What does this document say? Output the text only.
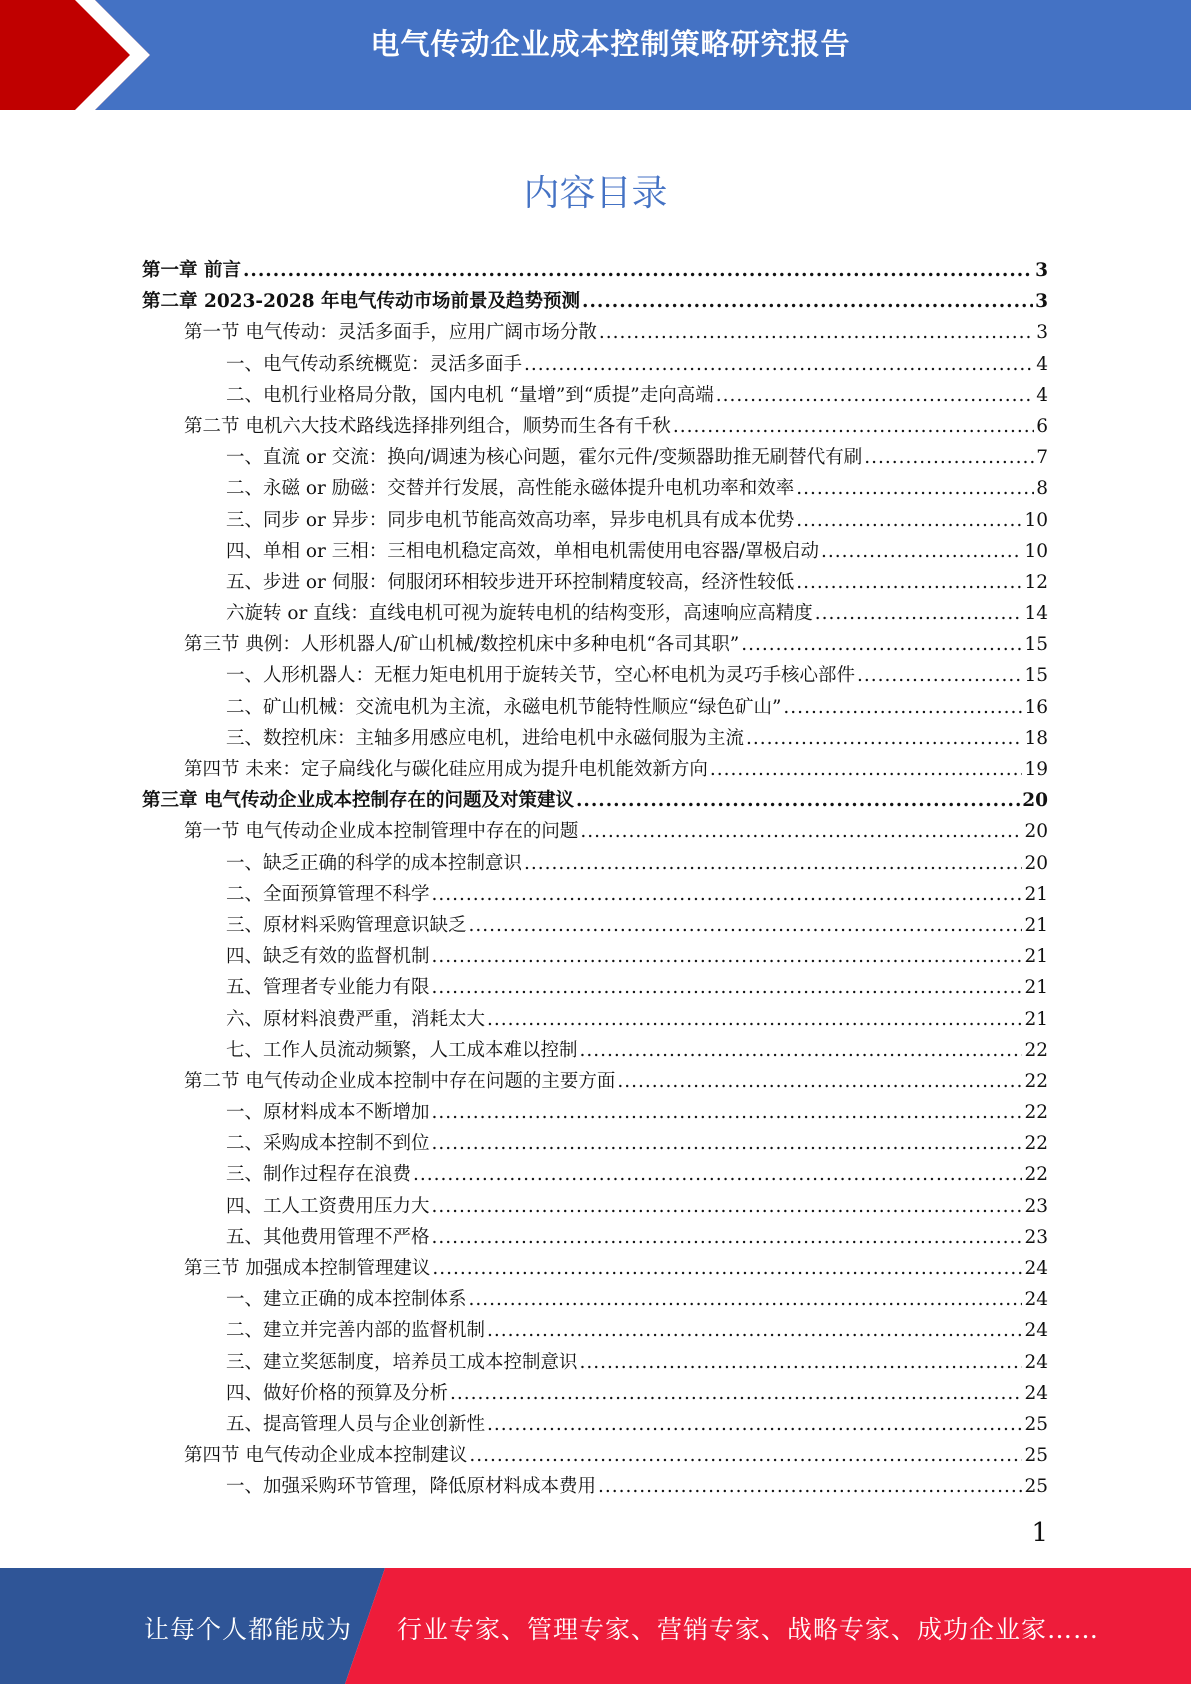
电气传动企业成本控制策略研究报告
内容目录
第一章 前言 .....	3
第二章 2023-2028 年电气传动市场前景及趋势预测 .....	3
第一节 电气传动：灵活多面手，应用广阔市场分散 .....	3
一、电气传动系统概览：灵活多面手 .....	4
二、电机行业格局分散，国内电机 “量增”到“质提”走向高端 .....	4
第二节 电机六大技术路线选择排列组合，顺势而生各有千秋 .....	6
一、直流 or 交流：换向/调速为核心问题，霍尔元件/变频器助推无刷替代有刷 .....	7
二、永磁 or 励磁：交替并行发展，高性能永磁体提升电机功率和效率 .....	8
三、同步 or 异步：同步电机节能高效高功率，异步电机具有成本优势 .....	10
四、单相 or 三相：三相电机稳定高效，单相电机需使用电容器/罩极启动 .....	10
五、步进 or 伺服：伺服闭环相较步进开环控制精度较高，经济性较低 .....	12
六旋转 or 直线：直线电机可视为旋转电机的结构变形，高速响应高精度 .....	14
第三节 典例：人形机器人/矿山机械/数控机床中多种电机“各司其职” .....	15
一、人形机器人：无框力矩电机用于旋转关节，空心杯电机为灵巧手核心部件 .....	15
二、矿山机械：交流电机为主流，永磁电机节能特性顺应“绿色矿山” .....	16
三、数控机床：主轴多用感应电机，进给电机中永磁伺服为主流 .....	18
第四节 未来：定子扁线化与碳化硅应用成为提升电机能效新方向 .....	19
第三章 电气传动企业成本控制存在的问题及对策建议 .....	20
第一节 电气传动企业成本控制管理中存在的问题 .....	20
一、缺乏正确的科学的成本控制意识 .....	20
二、全面预算管理不科学 .....	21
三、原材料采购管理意识缺乏 .....	21
四、缺乏有效的监督机制 .....	21
五、管理者专业能力有限 .....	21
六、原材料浪费严重，消耗太大 .....	21
七、工作人员流动频繁，人工成本难以控制 .....	22
第二节 电气传动企业成本控制中存在问题的主要方面 .....	22
一、原材料成本不断增加 .....	22
二、采购成本控制不到位 .....	22
三、制作过程存在浪费 .....	22
四、工人工资费用压力大 .....	23
五、其他费用管理不严格 .....	23
第三节 加强成本控制管理建议 .....	24
一、建立正确的成本控制体系 .....	24
二、建立并完善内部的监督机制 .....	24
三、建立奖惩制度，培养员工成本控制意识 .....	24
四、做好价格的预算及分析 .....	24
五、提高管理人员与企业创新性 .....	25
第四节 电气传动企业成本控制建议 .....	25
一、加强采购环节管理，降低原材料成本费用 .....	25
1
让每个人都能成为 行业专家、管理专家、营销专家、战略专家、成功企业家……
